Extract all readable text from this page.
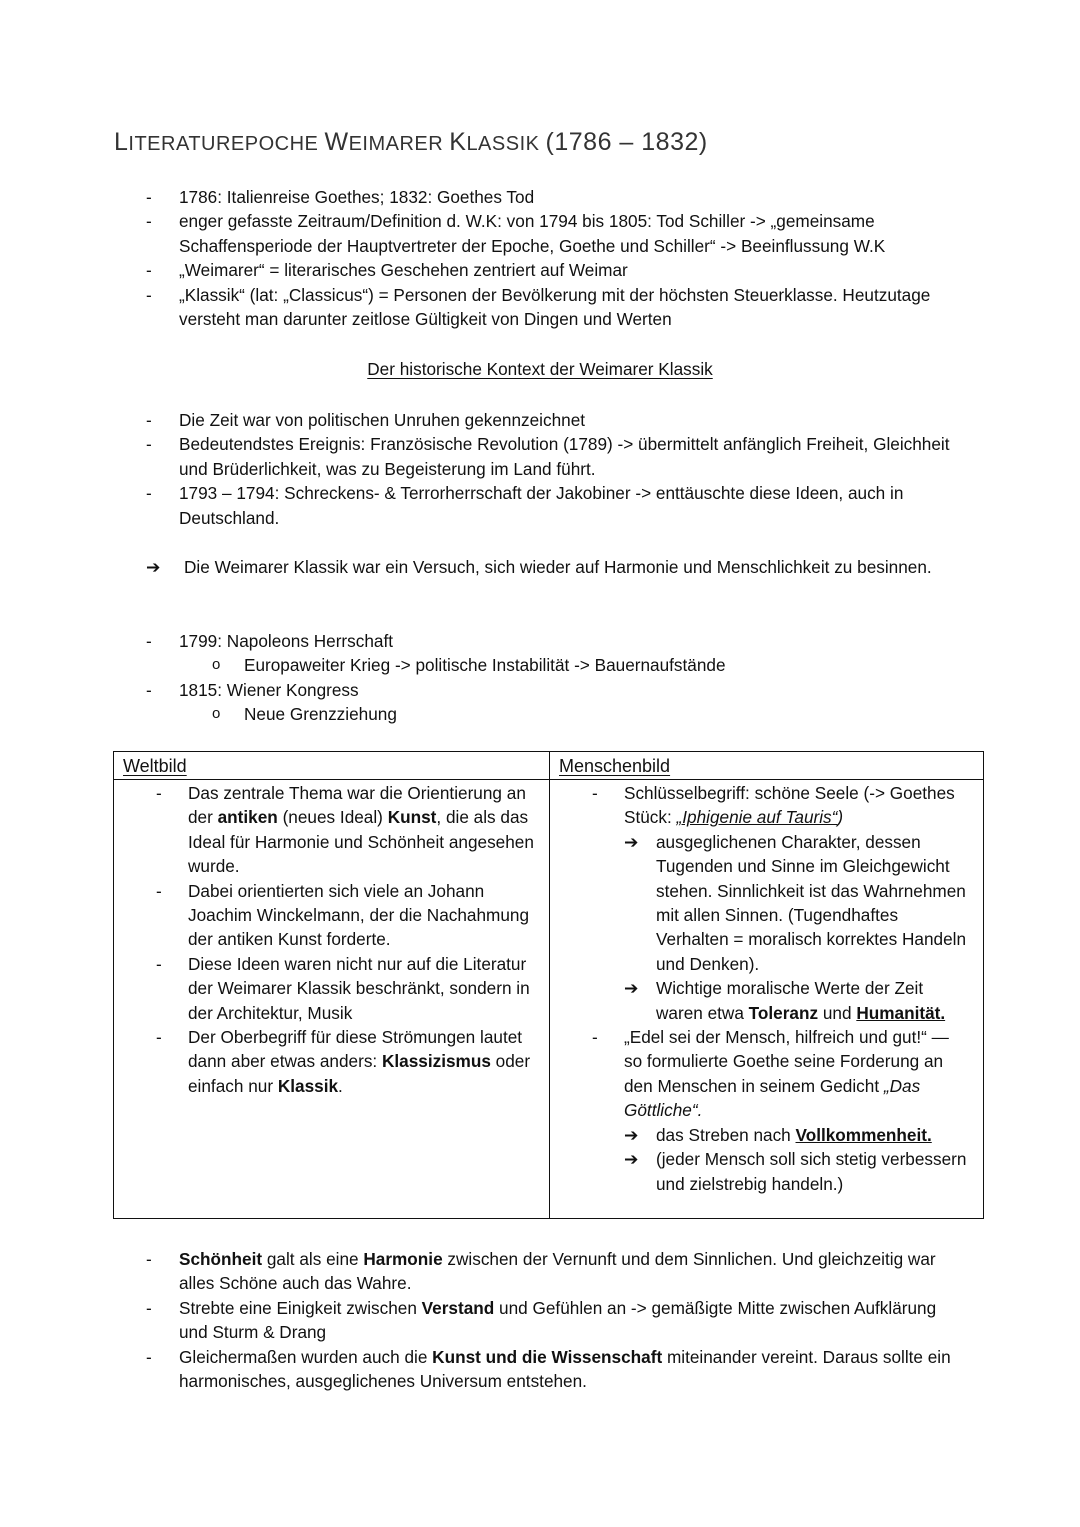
LITERATUREPOCHE WEIMARER KLASSIK (1786 – 1832)
- 1786: Italienreise Goethes; 1832: Goethes Tod
- enger gefasste Zeitraum/Definition d. W.K: von 1794 bis 1805: Tod Schiller -> „gemeinsame Schaffensperiode der Hauptvertreter der Epoche, Goethe und Schiller“ -> Beeinflussung W.K
- „Weimarer“ = literarisches Geschehen zentriert auf Weimar
- „Klassik“ (lat: „Classicus“) = Personen der Bevölkerung mit der höchsten Steuerklasse. Heutzutage versteht man darunter zeitlose Gültigkeit von Dingen und Werten
Der historische Kontext der Weimarer Klassik
- Die Zeit war von politischen Unruhen gekennzeichnet
- Bedeutendstes Ereignis: Französische Revolution (1789) -> übermittelt anfänglich Freiheit, Gleichheit und Brüderlichkeit, was zu Begeisterung im Land führt.
- 1793 – 1794: Schreckens- & Terrorherrschaft der Jakobiner -> enttäuschte diese Ideen, auch in Deutschland.
➔	Die Weimarer Klassik war ein Versuch, sich wieder auf Harmonie und Menschlichkeit zu besinnen.
- 1799: Napoleons Herrschaft
o Europaweiter Krieg -> politische Instabilität -> Bauernaufstände
- 1815: Wiener Kongress
o Neue Grenzziehung
Weltbild	Menschenbild
- Das zentrale Thema war die Orientierung an der antiken (neues Ideal) Kunst, die als das Ideal für Harmonie und Schönheit angesehen wurde.
- Dabei orientierten sich viele an Johann Joachim Winckelmann, der die Nachahmung der antiken Kunst forderte.
- Diese Ideen waren nicht nur auf die Literatur der Weimarer Klassik beschränkt, sondern in der Architektur, Musik
- Der Oberbegriff für diese Strömungen lautet dann aber etwas anders: Klassizismus oder einfach nur Klassik.
- Schlüsselbegriff: schöne Seele (-> Goethes Stück: „Iphigenie auf Tauris“)
➔ ausgeglichenen Charakter, dessen Tugenden und Sinne im Gleichgewicht stehen. Sinnlichkeit ist das Wahrnehmen mit allen Sinnen. (Tugendhaftes Verhalten = moralisch korrektes Handeln und Denken).
➔ Wichtige moralische Werte der Zeit waren etwa Toleranz und Humanität.
- „Edel sei der Mensch, hilfreich und gut!“ — so formulierte Goethe seine Forderung an den Menschen in seinem Gedicht „Das Göttliche“.
➔ das Streben nach Vollkommenheit.
➔ (jeder Mensch soll sich stetig verbessern und zielstrebig handeln.)
- Schönheit galt als eine Harmonie zwischen der Vernunft und dem Sinnlichen. Und gleichzeitig war alles Schöne auch das Wahre.
- Strebte eine Einigkeit zwischen Verstand und Gefühlen an -> gemäßigte Mitte zwischen Aufklärung und Sturm & Drang
- Gleichermaßen wurden auch die Kunst und die Wissenschaft miteinander vereint. Daraus sollte ein harmonisches, ausgeglichenes Universum entstehen.
